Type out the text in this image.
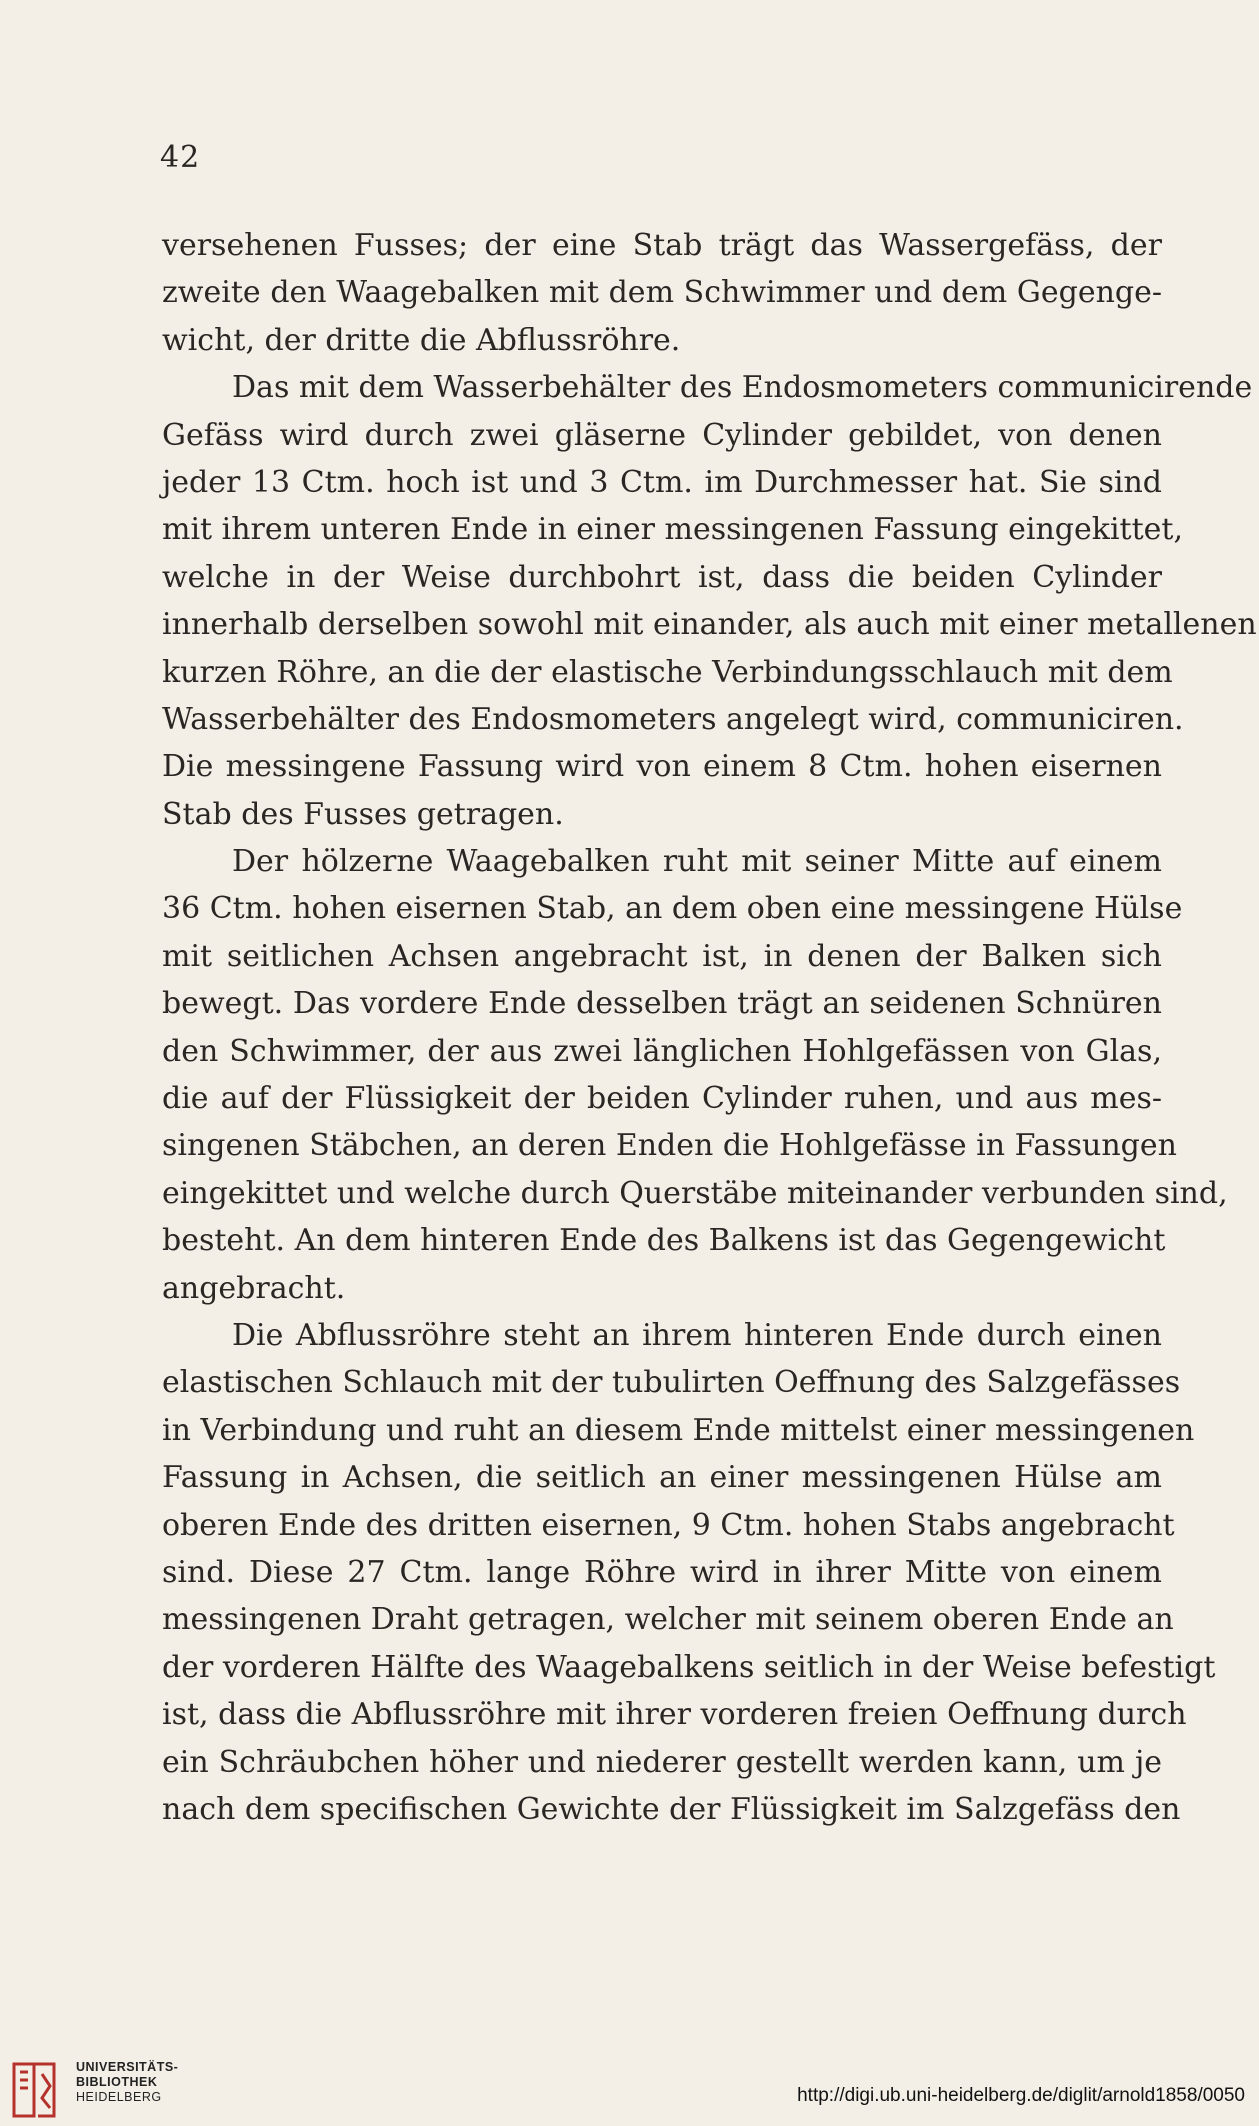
42
versehenen Fusses; der eine Stab trägt das Wassergefäss, der
zweite den Waagebalken mit dem Schwimmer und dem Gegenge-
wicht, der dritte die Abflussröhre.
Das mit dem Wasserbehälter des Endosmometers communicirende
Gefäss wird durch zwei gläserne Cylinder gebildet, von denen
jeder 13 Ctm. hoch ist und 3 Ctm. im Durchmesser hat. Sie sind
mit ihrem unteren Ende in einer messingenen Fassung eingekittet,
welche in der Weise durchbohrt ist, dass die beiden Cylinder
innerhalb derselben sowohl mit einander, als auch mit einer metallenen
kurzen Röhre, an die der elastische Verbindungsschlauch mit dem
Wasserbehälter des Endosmometers angelegt wird, communiciren.
Die messingene Fassung wird von einem 8 Ctm. hohen eisernen
Stab des Fusses getragen.
Der hölzerne Waagebalken ruht mit seiner Mitte auf einem
36 Ctm. hohen eisernen Stab, an dem oben eine messingene Hülse
mit seitlichen Achsen angebracht ist, in denen der Balken sich
bewegt. Das vordere Ende desselben trägt an seidenen Schnüren
den Schwimmer, der aus zwei länglichen Hohlgefässen von Glas,
die auf der Flüssigkeit der beiden Cylinder ruhen, und aus mes-
singenen Stäbchen, an deren Enden die Hohlgefässe in Fassungen
eingekittet und welche durch Querstäbe miteinander verbunden sind,
besteht. An dem hinteren Ende des Balkens ist das Gegengewicht
angebracht.
Die Abflussröhre steht an ihrem hinteren Ende durch einen
elastischen Schlauch mit der tubulirten Oeffnung des Salzgefässes
in Verbindung und ruht an diesem Ende mittelst einer messingenen
Fassung in Achsen, die seitlich an einer messingenen Hülse am
oberen Ende des dritten eisernen, 9 Ctm. hohen Stabs angebracht
sind. Diese 27 Ctm. lange Röhre wird in ihrer Mitte von einem
messingenen Draht getragen, welcher mit seinem oberen Ende an
der vorderen Hälfte des Waagebalkens seitlich in der Weise befestigt
ist, dass die Abflussröhre mit ihrer vorderen freien Oeffnung durch
ein Schräubchen höher und niederer gestellt werden kann, um je
nach dem specifischen Gewichte der Flüssigkeit im Salzgefäss den
UNIVERSITÄTS-
BIBLIOTHEK
HEIDELBERG	http://digi.ub.uni-heidelberg.de/diglit/arnold1858/0050
